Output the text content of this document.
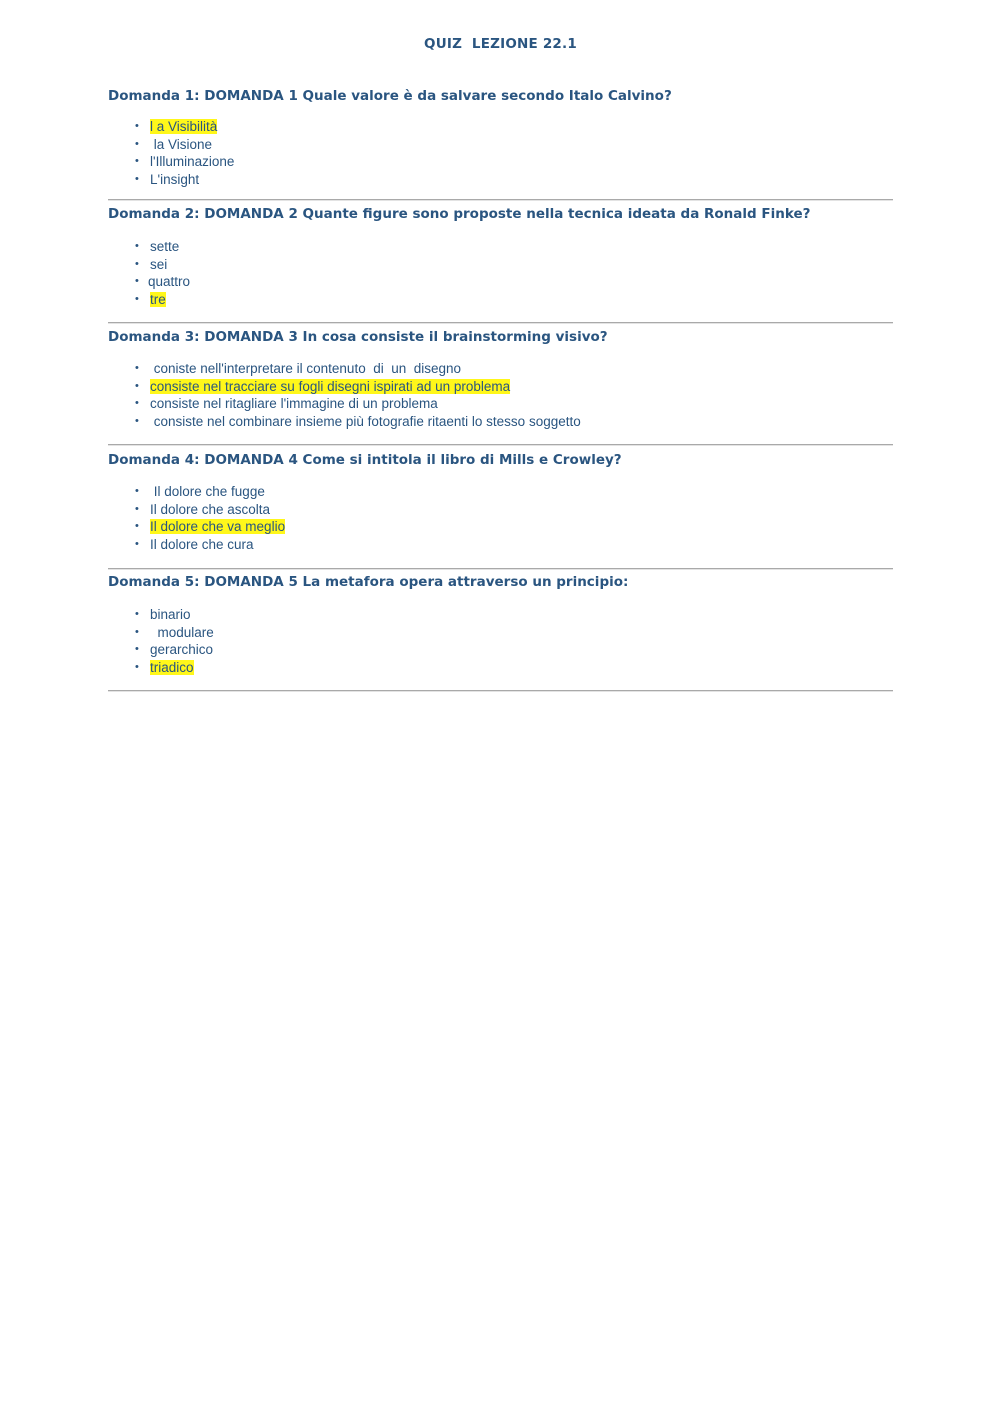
QUIZ  LEZIONE 22.1

Domanda 1: DOMANDA 1 Quale valore è da salvare secondo Italo Calvino?

• l a Visibilità
• la Visione
• l'Illuminazione
• L'insight

Domanda 2: DOMANDA 2 Quante figure sono proposte nella tecnica ideata da Ronald Finke?

• sette
• sei
• quattro
• tre

Domanda 3: DOMANDA 3 In cosa consiste il brainstorming visivo?

• coniste nell'interpretare il contenuto  di  un  disegno
• consiste nel tracciare su fogli disegni ispirati ad un problema
• consiste nel ritagliare l'immagine di un problema
• consiste nel combinare insieme più fotografie ritaenti lo stesso soggetto

Domanda 4: DOMANDA 4 Come si intitola il libro di Mills e Crowley?

• Il dolore che fugge
• Il dolore che ascolta
• Il dolore che va meglio
• Il dolore che cura

Domanda 5: DOMANDA 5 La metafora opera attraverso un principio:

• binario
• modulare
• gerarchico
• triadico
